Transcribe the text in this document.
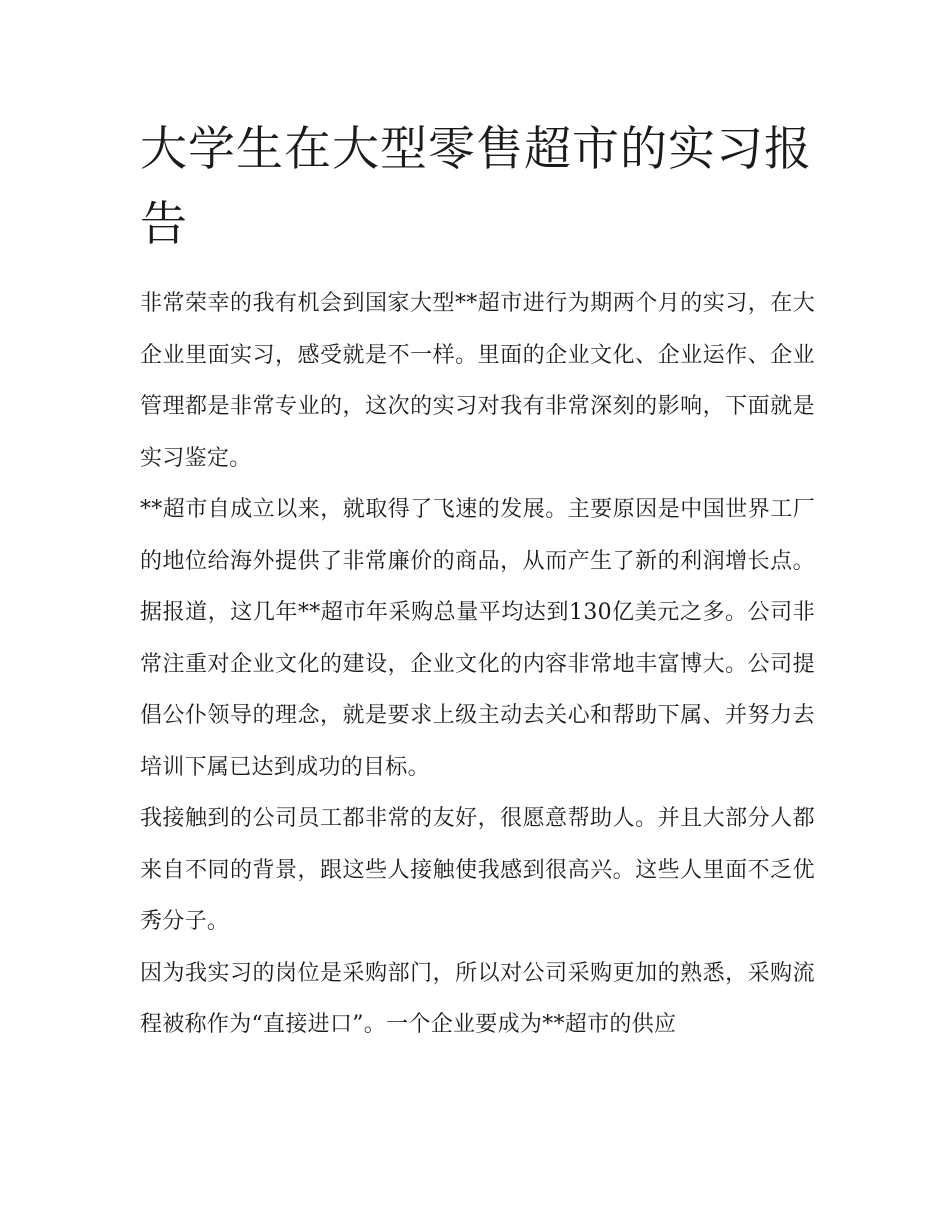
大学生在大型零售超市的实习报告

非常荣幸的我有机会到国家大型**超市进行为期两个月的实习，在大企业里面实习，感受就是不一样。里面的企业文化、企业运作、企业管理都是非常专业的，这次的实习对我有非常深刻的影响，下面就是实习鉴定。

**超市自成立以来，就取得了飞速的发展。主要原因是中国世界工厂的地位给海外提供了非常廉价的商品，从而产生了新的利润增长点。据报道，这几年**超市年采购总量平均达到130亿美元之多。公司非常注重对企业文化的建设，企业文化的内容非常地丰富博大。公司提倡公仆领导的理念，就是要求上级主动去关心和帮助下属、并努力去培训下属已达到成功的目标。

我接触到的公司员工都非常的友好，很愿意帮助人。并且大部分人都来自不同的背景，跟这些人接触使我感到很高兴。这些人里面不乏优秀分子。

因为我实习的岗位是采购部门，所以对公司采购更加的熟悉，采购流程被称作为“直接进口”。一个企业要成为**超市的供应
